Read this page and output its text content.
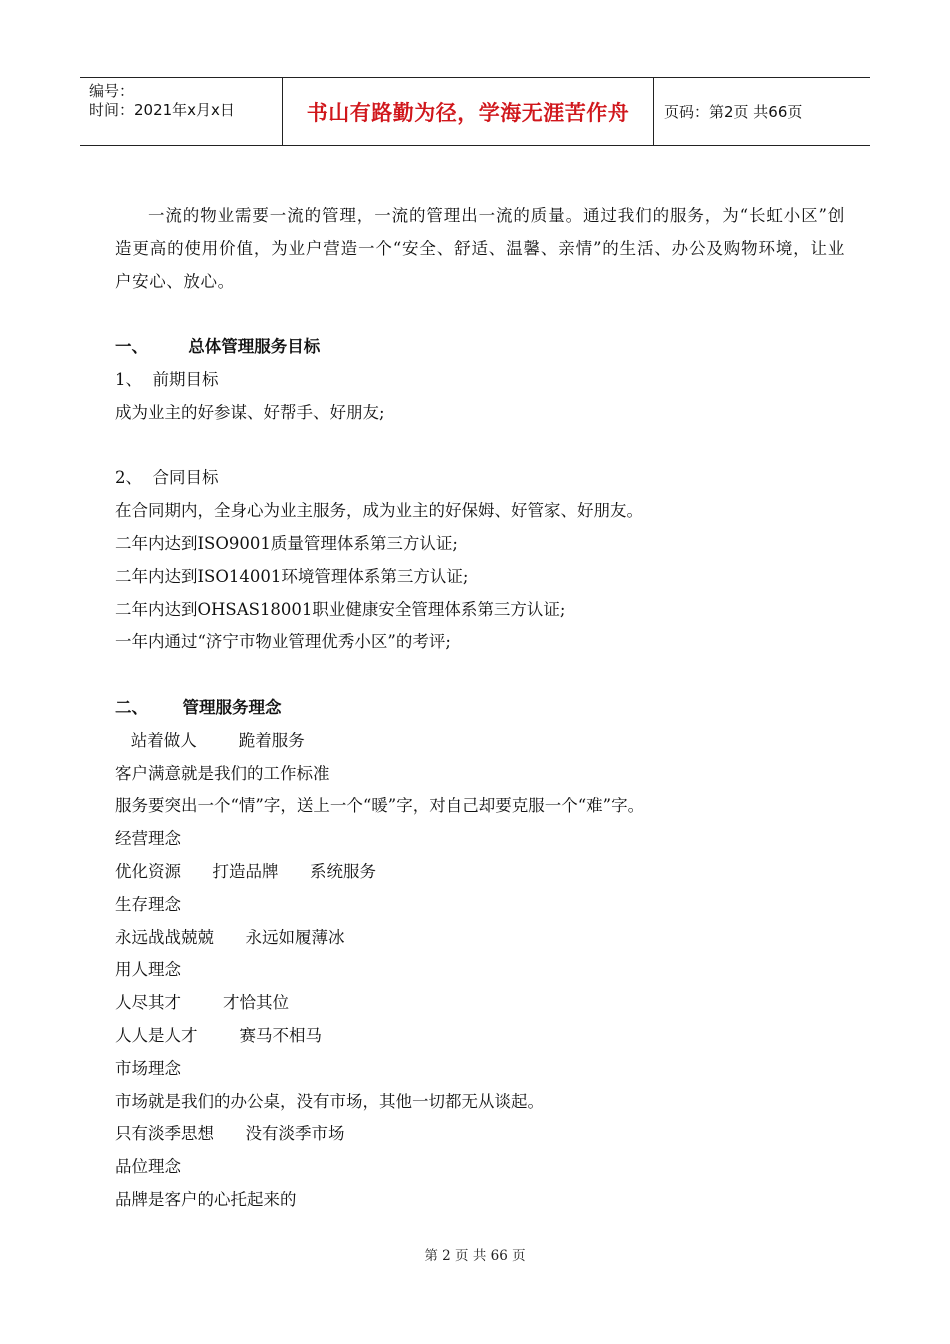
编号：
时间：2021年x月x日	书山有路勤为径，学海无涯苦作舟	页码：第2页 共66页
一流的物业需要一流的管理，一流的管理出一流的质量。通过我们的服务，为“长虹小区”创造更高的使用价值，为业户营造一个“安全、舒适、温馨、亲情”的生活、办公及购物环境，让业户安心、放心。
一、       总体管理服务目标
1、  前期目标
成为业主的好参谋、好帮手、好朋友;
2、  合同目标
在合同期内，全身心为业主服务，成为业主的好保姆、好管家、好朋友。
二年内达到ISO9001质量管理体系第三方认证;
二年内达到ISO14001环境管理体系第三方认证;
二年内达到OHSAS18001职业健康安全管理体系第三方认证;
一年内通过“济宁市物业管理优秀小区”的考评;
二、      管理服务理念
站着做人        跪着服务
客户满意就是我们的工作标准
服务要突出一个“情”字，送上一个“暖”字，对自己却要克服一个“难”字。
经营理念
优化资源      打造品牌      系统服务
生存理念
永远战战兢兢      永远如履薄冰
用人理念
人尽其才        才恰其位
人人是人才        赛马不相马
市场理念
市场就是我们的办公桌，没有市场，其他一切都无从谈起。
只有淡季思想      没有淡季市场
品位理念
品牌是客户的心托起来的
第 2 页 共 66 页
